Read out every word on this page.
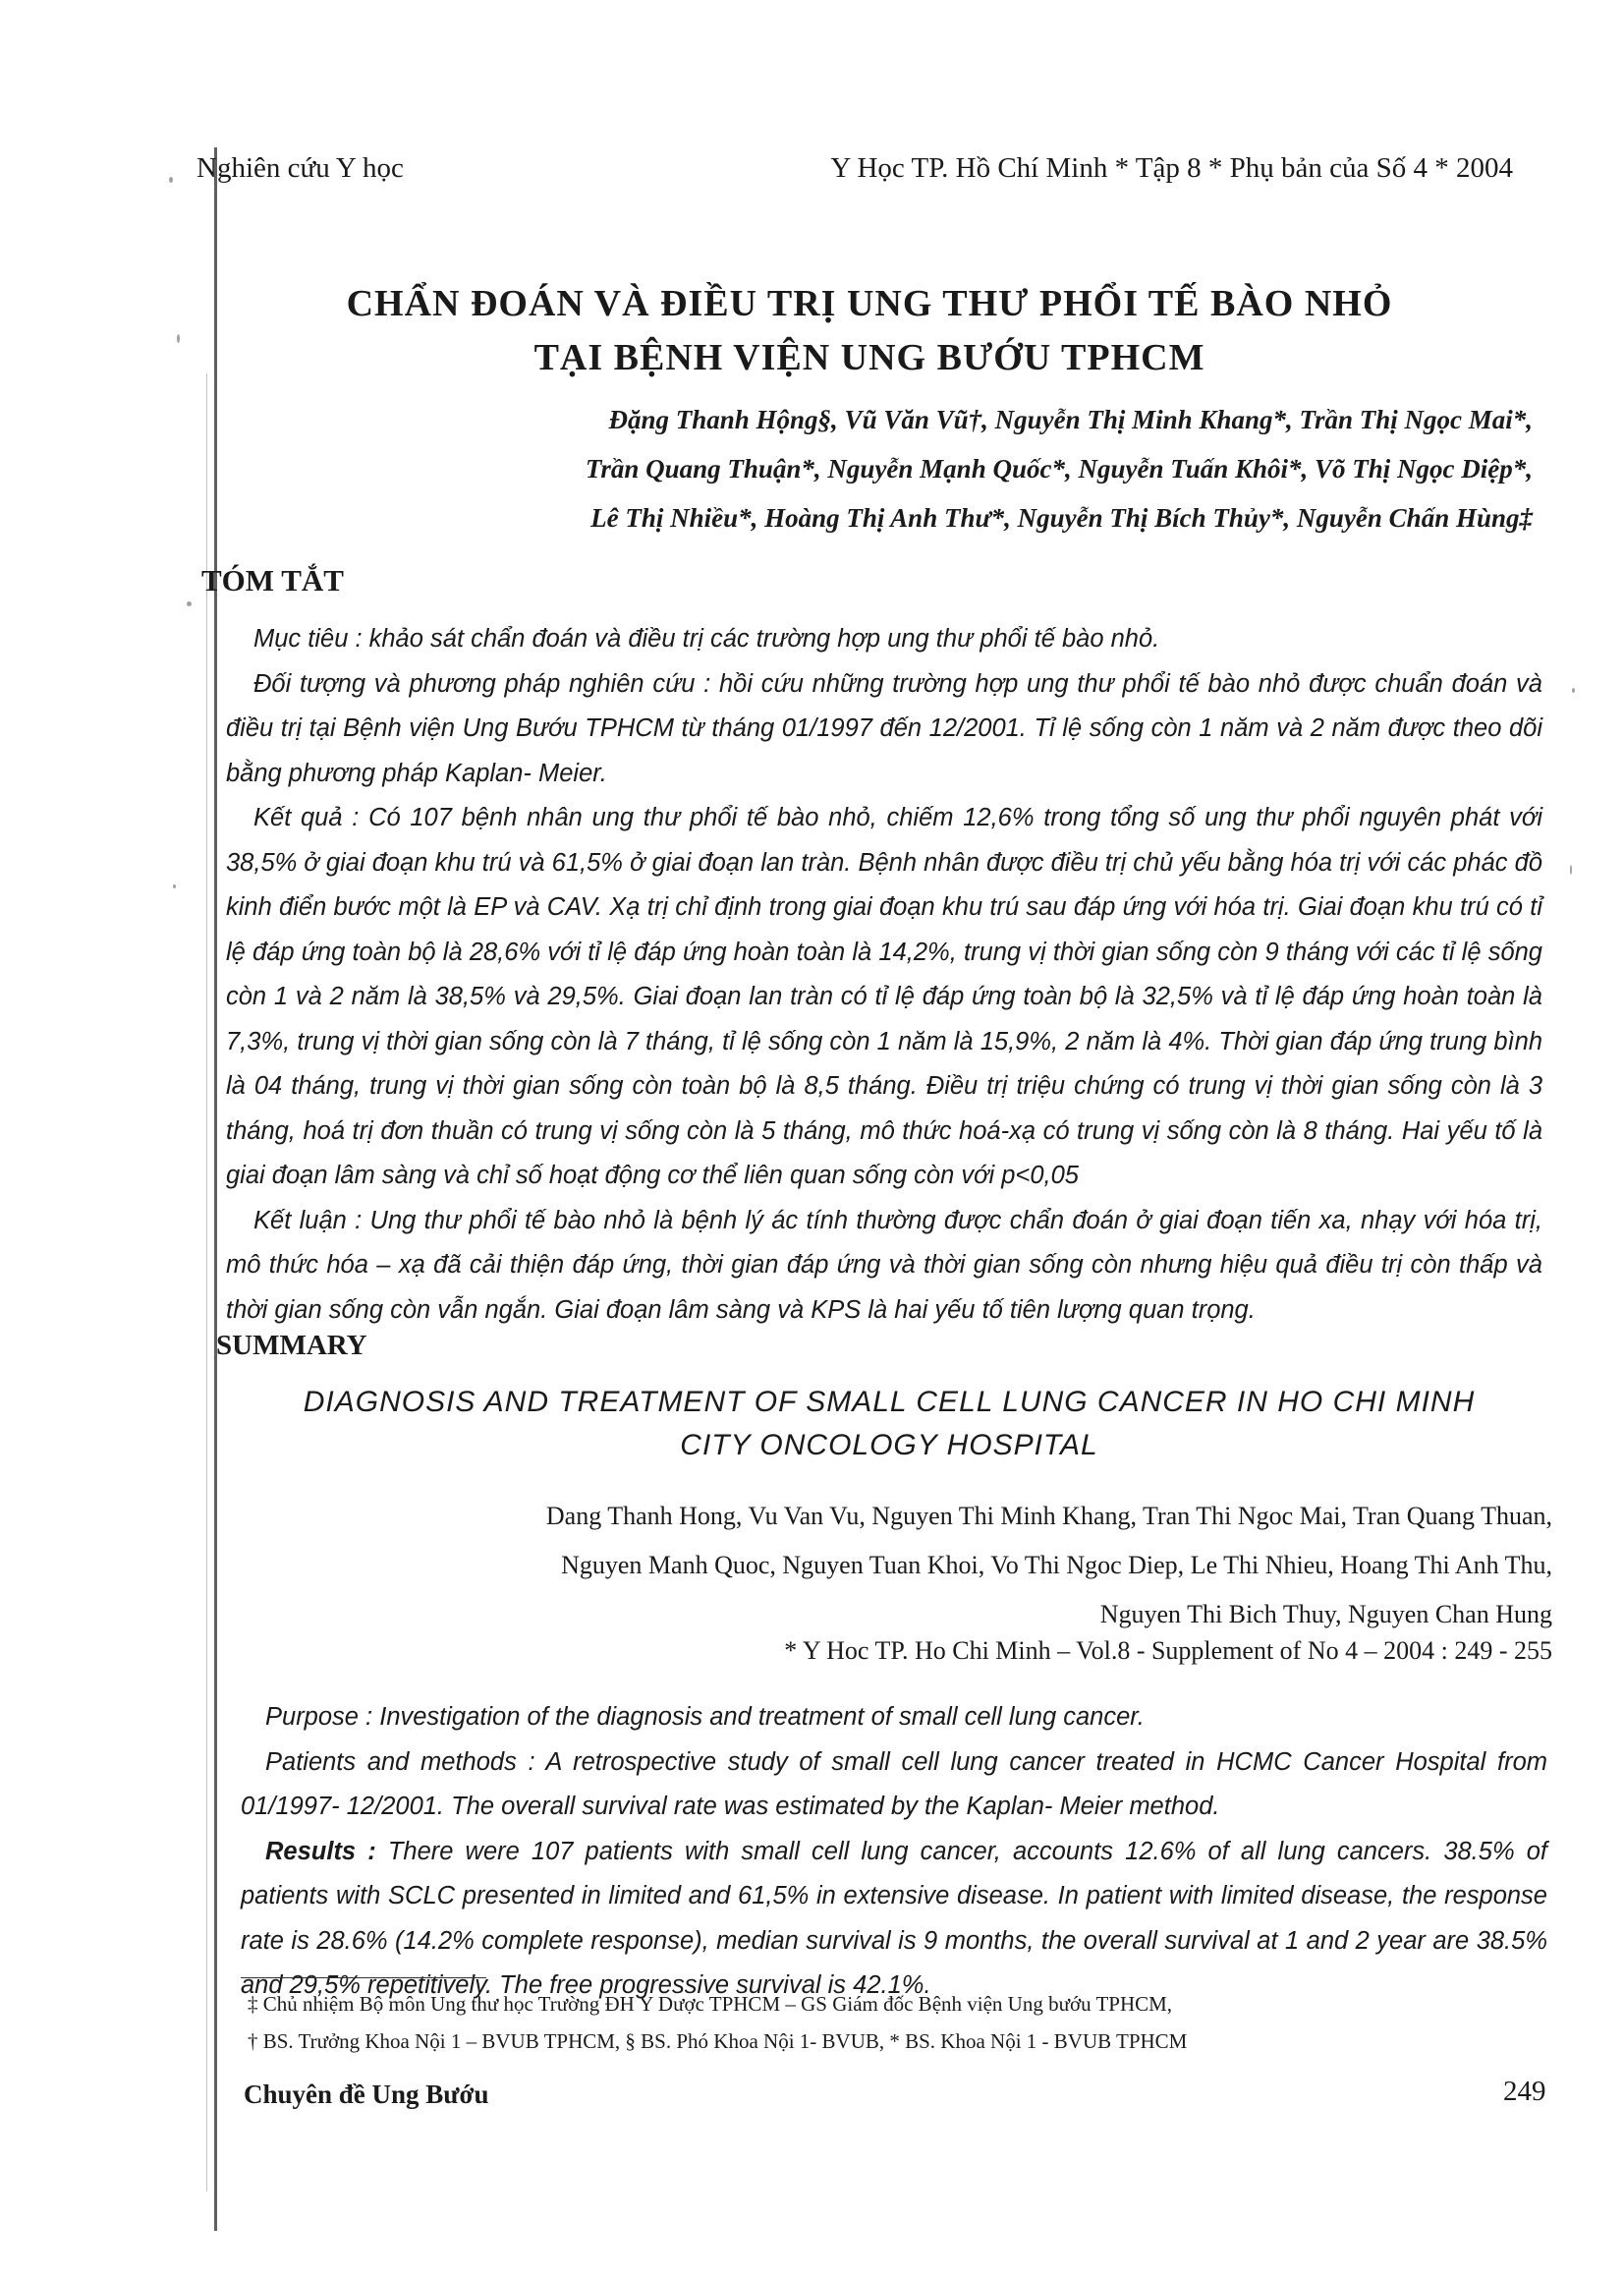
Nghiên cứu Y học	Y Học TP. Hồ Chí Minh * Tập 8 * Phụ bản của Số 4 * 2004
CHẨN ĐOÁN VÀ ĐIỀU TRỊ UNG THƯ PHỔI TẾ BÀO NHỎ
TẠI BỆNH VIỆN UNG BƯỚU TPHCM
Đặng Thanh Hộng§, Vũ Văn Vũ†, Nguyễn Thị Minh Khang*, Trần Thị Ngọc Mai*,
Trần Quang Thuận*, Nguyễn Mạnh Quốc*, Nguyễn Tuấn Khôi*, Võ Thị Ngọc Diệp*,
Lê Thị Nhiều*, Hoàng Thị Anh Thư*, Nguyễn Thị Bích Thủy*, Nguyễn Chấn Hùng‡
TÓM TẮT

Mục tiêu : khảo sát chẩn đoán và điều trị các trường hợp ung thư phổi tế bào nhỏ.

Đối tượng và phương pháp nghiên cứu : hồi cứu những trường hợp ung thư phổi tế bào nhỏ được chuẩn đoán và điều trị tại Bệnh viện Ung Bướu TPHCM từ tháng 01/1997 đến 12/2001. Tỉ lệ sống còn 1 năm và 2 năm được theo dõi bằng phương pháp Kaplan- Meier.

Kết quả : Có 107 bệnh nhân ung thư phổi tế bào nhỏ, chiếm 12,6% trong tổng số ung thư phổi nguyên phát với 38,5% ở giai đoạn khu trú và 61,5% ở giai đoạn lan tràn. Bệnh nhân được điều trị chủ yếu bằng hóa trị với các phác đồ kinh điển bước một là EP và CAV. Xạ trị chỉ định trong giai đoạn khu trú sau đáp ứng với hóa trị. Giai đoạn khu trú có tỉ lệ đáp ứng toàn bộ là 28,6% với tỉ lệ đáp ứng hoàn toàn là 14,2%, trung vị thời gian sống còn 9 tháng với các tỉ lệ sống còn 1 và 2 năm là 38,5% và 29,5%. Giai đoạn lan tràn có tỉ lệ đáp ứng toàn bộ là 32,5% và tỉ lệ đáp ứng hoàn toàn là 7,3%, trung vị thời gian sống còn là 7 tháng, tỉ lệ sống còn 1 năm là 15,9%, 2 năm là 4%. Thời gian đáp ứng trung bình là 04 tháng, trung vị thời gian sống còn toàn bộ là 8,5 tháng. Điều trị triệu chứng có trung vị thời gian sống còn là 3 tháng, hoá trị đơn thuần có trung vị sống còn là 5 tháng, mô thức hoá-xạ có trung vị sống còn là 8 tháng. Hai yếu tố là giai đoạn lâm sàng và chỉ số hoạt động cơ thể liên quan sống còn với p<0,05

Kết luận : Ung thư phổi tế bào nhỏ là bệnh lý ác tính thường được chẩn đoán ở giai đoạn tiến xa, nhạy với hóa trị, mô thức hóa – xạ đã cải thiện đáp ứng, thời gian đáp ứng và thời gian sống còn nhưng hiệu quả điều trị còn thấp và thời gian sống còn vẫn ngắn. Giai đoạn lâm sàng và KPS là hai yếu tố tiên lượng quan trọng.

SUMMARY
DIAGNOSIS AND TREATMENT OF SMALL CELL LUNG CANCER IN HO CHI MINH
CITY ONCOLOGY HOSPITAL
Dang Thanh Hong, Vu Van Vu, Nguyen Thi Minh Khang, Tran Thi Ngoc Mai, Tran Quang Thuan,
Nguyen Manh Quoc, Nguyen Tuan Khoi, Vo Thi Ngoc Diep, Le Thi Nhieu, Hoang Thi Anh Thu,
Nguyen Thi Bich Thuy, Nguyen Chan Hung
* Y Hoc TP. Ho Chi Minh – Vol.8 - Supplement of No 4 – 2004 : 249 - 255

Purpose : Investigation of the diagnosis and treatment of small cell lung cancer.

Patients and methods : A retrospective study of small cell lung cancer treated in HCMC Cancer Hospital from 01/1997- 12/2001. The overall survival rate was estimated by the Kaplan- Meier method.

Results : There were 107 patients with small cell lung cancer, accounts 12.6% of all lung cancers. 38.5% of patients with SCLC presented in limited and 61,5% in extensive disease. In patient with limited disease, the response rate is 28.6% (14.2% complete response), median survival is 9 months, the overall survival at 1 and 2 year are 38.5% and 29,5% repetitively. The free progressive survival is 42.1%.

‡ Chủ nhiệm Bộ môn Ung thư học Trường ĐH Y Dược TPHCM – GS Giám đốc Bệnh viện Ung bướu TPHCM,
† BS. Trưởng Khoa Nội 1 – BVUB TPHCM, § BS. Phó Khoa Nội 1- BVUB, * BS. Khoa Nội 1 - BVUB TPHCM
Chuyên đề Ung Bướu	249
